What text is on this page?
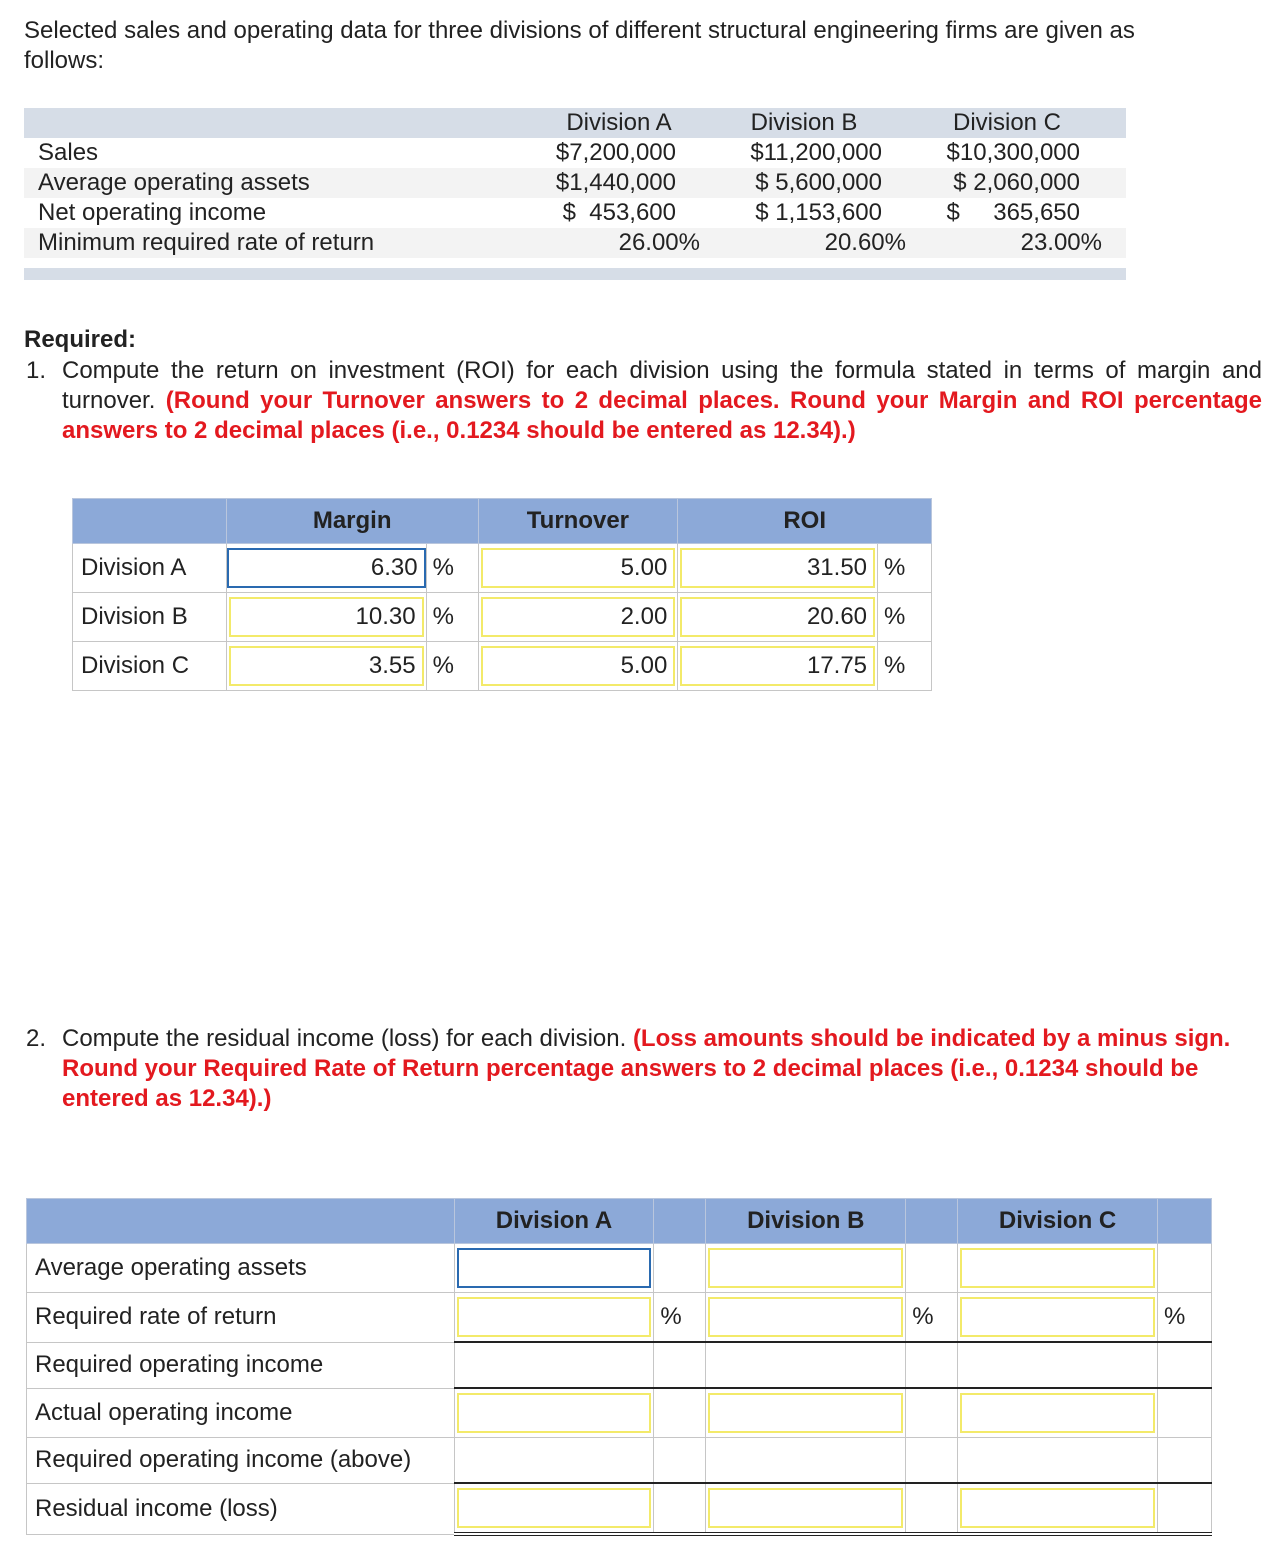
Selected sales and operating data for three divisions of different structural engineering firms are given as follows:
Division A	Division B	Division C
Sales	$7,200,000	$11,200,000	$10,300,000
Average operating assets	$1,440,000	$ 5,600,000	$ 2,060,000
Net operating income	$  453,600	$ 1,153,600	$     365,650
Minimum required rate of return	26.00%	20.60%	23.00%
Required:
1. Compute the return on investment (ROI) for each division using the formula stated in terms of margin and turnover. (Round your Turnover answers to 2 decimal places. Round your Margin and ROI percentage answers to 2 decimal places (i.e., 0.1234 should be entered as 12.34).)
	Margin		Turnover	ROI	
Division A	6.30	%	5.00	31.50	%
Division B	10.30	%	2.00	20.60	%
Division C	3.55	%	5.00	17.75	%
2. Compute the residual income (loss) for each division. (Loss amounts should be indicated by a minus sign. Round your Required Rate of Return percentage answers to 2 decimal places (i.e., 0.1234 should be entered as 12.34).)
	Division A		Division B		Division C	
Average operating assets	

Required rate of return		%		%		%
Required operating income						
Actual operating income	

Required operating income (above)						
Residual income (loss)	
